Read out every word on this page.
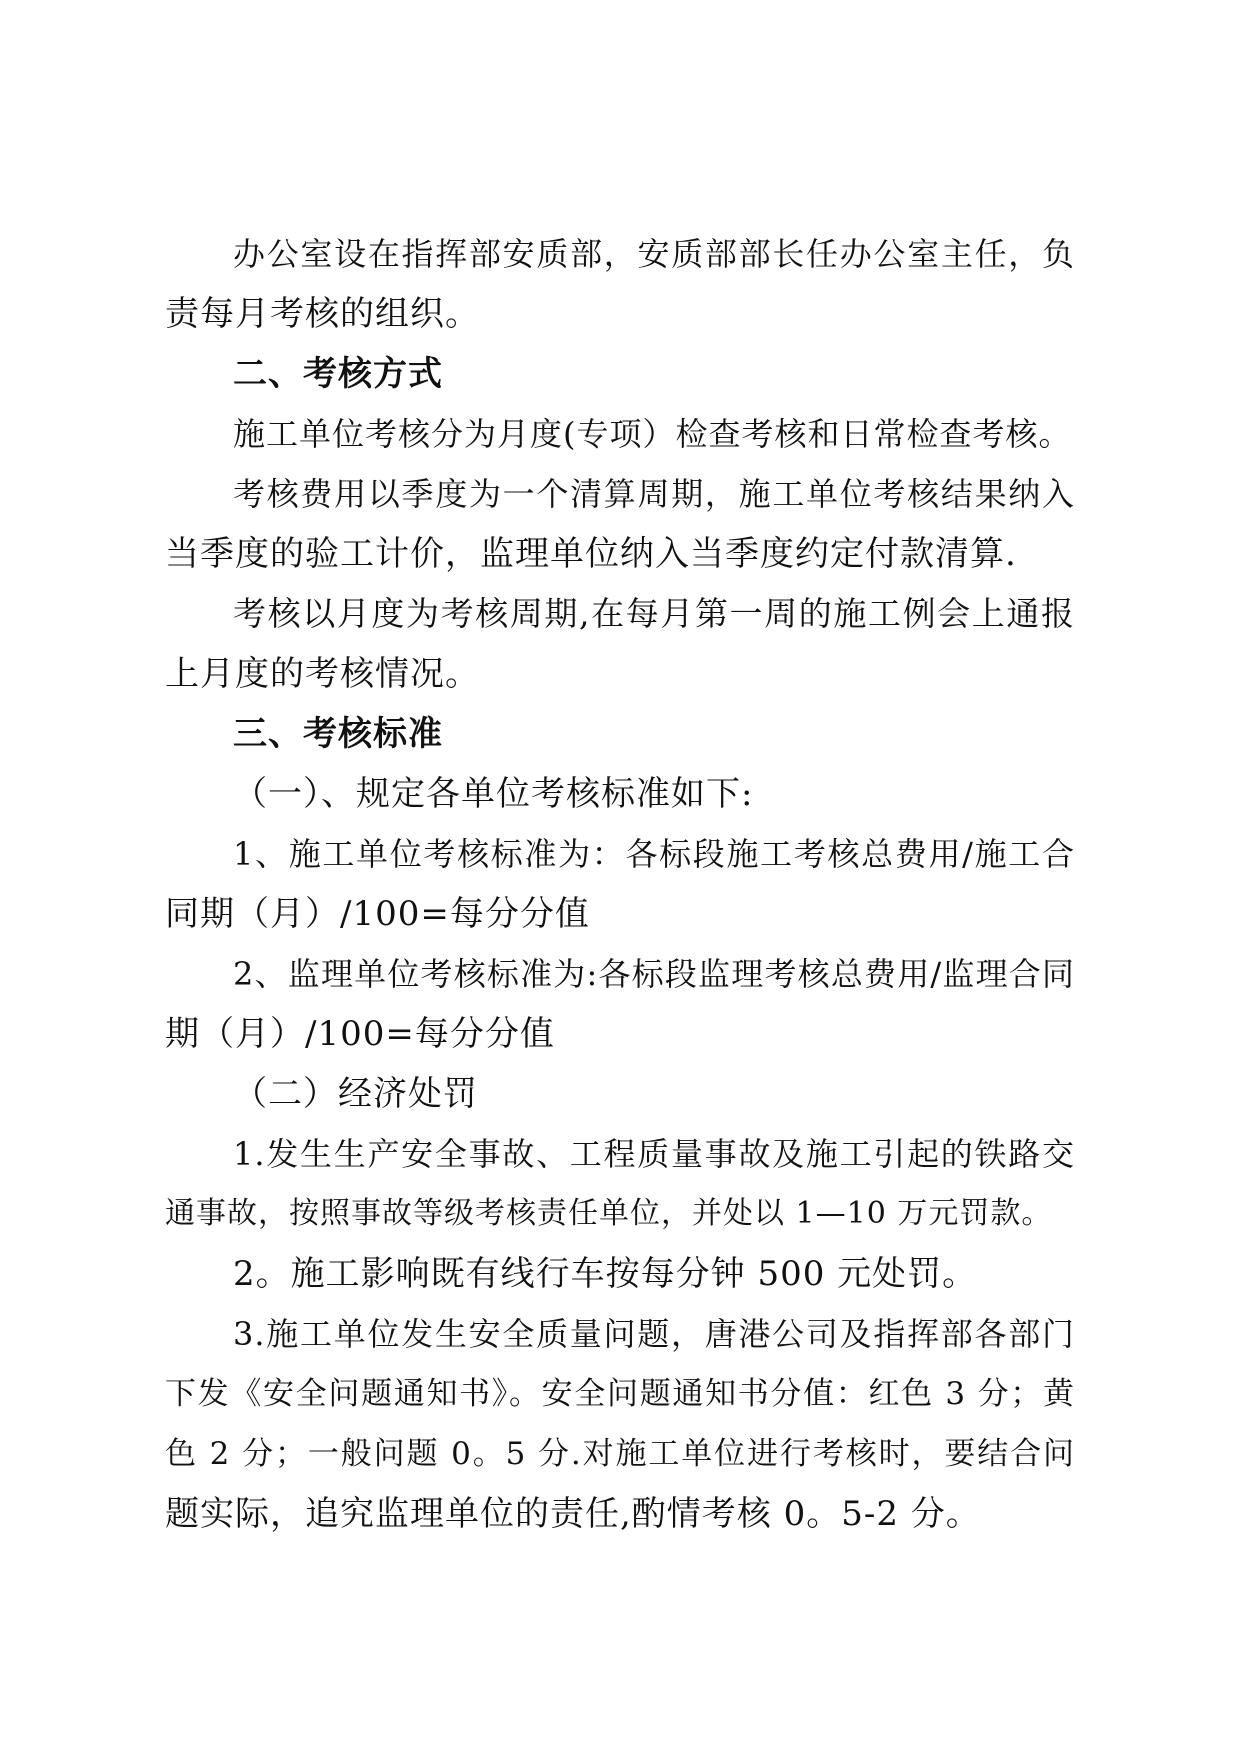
办公室设在指挥部安质部，安质部部长任办公室主任，负
责每月考核的组织。
二、考核方式
施工单位考核分为月度(专项）检查考核和日常检查考核。
考核费用以季度为一个清算周期，施工单位考核结果纳入
当季度的验工计价，监理单位纳入当季度约定付款清算.
考核以月度为考核周期,在每月第一周的施工例会上通报
上月度的考核情况。
三、考核标准
（一）、规定各单位考核标准如下:
1、施工单位考核标准为：各标段施工考核总费用/施工合
同期（月）/100=每分分值
2、监理单位考核标准为:各标段监理考核总费用/监理合同
期（月）/100=每分分值
（二）经济处罚
1.发生生产安全事故、工程质量事故及施工引起的铁路交
通事故，按照事故等级考核责任单位，并处以 1—10 万元罚款。
2。施工影响既有线行车按每分钟 500 元处罚。
3.施工单位发生安全质量问题，唐港公司及指挥部各部门
下发《安全问题通知书》。安全问题通知书分值：红色 3 分；黄
色 2 分；一般问题 0。5 分.对施工单位进行考核时，要结合问
题实际，追究监理单位的责任,酌情考核 0。5-2 分。
